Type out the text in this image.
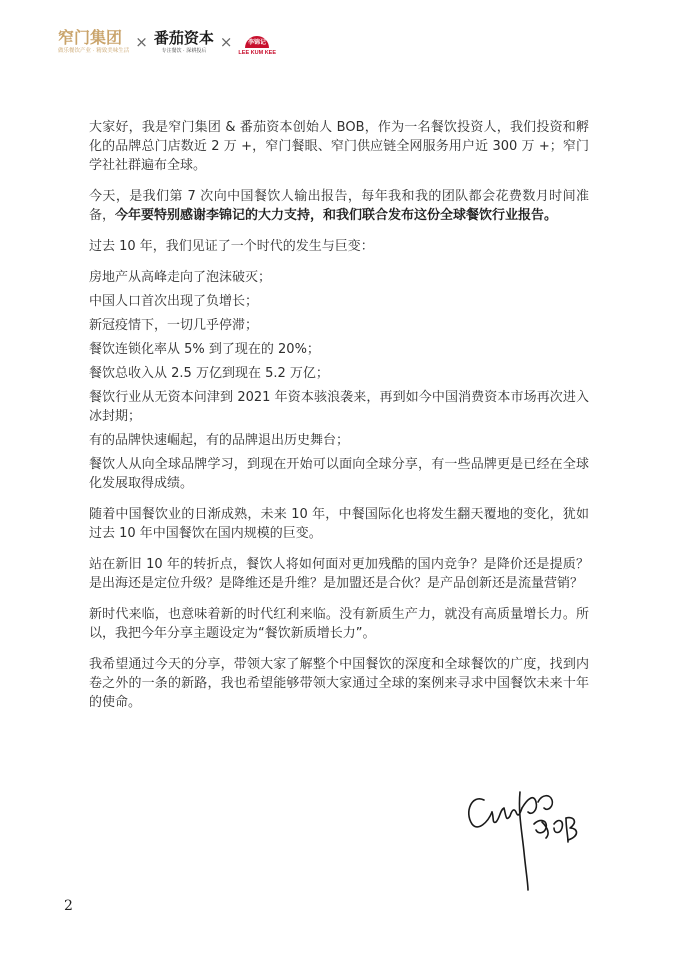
窄门集团
做乐餐饮产业 · 精致美味生活
× 番茄资本
专注餐饮 · 深耕投后 ×	李锦记
LEE KUM KEE

大家好，我是窄门集团 & 番茄资本创始人 BOB，作为一名餐饮投资人，我们投资和孵化的品牌总门店数近 2 万 +，窄门餐眼、窄门供应链全网服务用户近 300 万 +；窄门学社社群遍布全球。

今天，是我们第 7 次向中国餐饮人输出报告，每年我和我的团队都会花费数月时间准备，今年要特别感谢李锦记的大力支持，和我们联合发布这份全球餐饮行业报告。

过去 10 年，我们见证了一个时代的发生与巨变：

房地产从高峰走向了泡沫破灭；

中国人口首次出现了负增长；

新冠疫情下，一切几乎停滞；

餐饮连锁化率从 5% 到了现在的 20%；

餐饮总收入从 2.5 万亿到现在 5.2 万亿；

餐饮行业从无资本问津到 2021 年资本骇浪袭来，再到如今中国消费资本市场再次进入冰封期；

有的品牌快速崛起，有的品牌退出历史舞台；

餐饮人从向全球品牌学习，到现在开始可以面向全球分享，有一些品牌更是已经在全球化发展取得成绩。

随着中国餐饮业的日渐成熟，未来 10 年，中餐国际化也将发生翻天覆地的变化，犹如过去 10 年中国餐饮在国内规模的巨变。

站在新旧 10 年的转折点，餐饮人将如何面对更加残酷的国内竞争？是降价还是提质？是出海还是定位升级？是降维还是升维？是加盟还是合伙？是产品创新还是流量营销？

新时代来临，也意味着新的时代红利来临。没有新质生产力，就没有高质量增长力。所以，我把今年分享主题设定为“餐饮新质增长力”。

我希望通过今天的分享，带领大家了解整个中国餐饮的深度和全球餐饮的广度，找到内卷之外的一条的新路，我也希望能够带领大家通过全球的案例来寻求中国餐饮未来十年的使命。

BOB
2
